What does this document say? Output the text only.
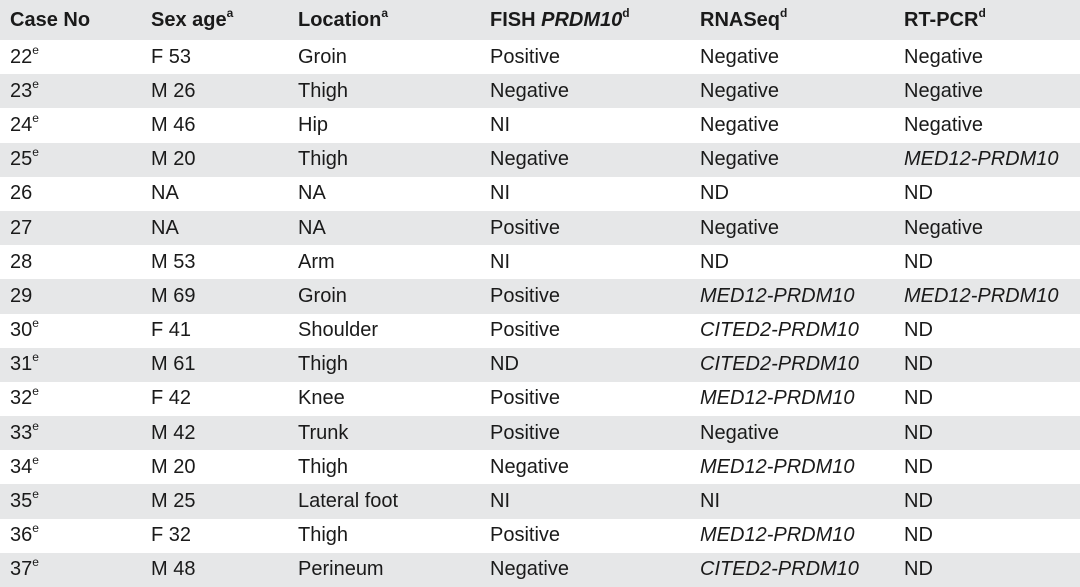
Case No	Sex age$^a$	Location$^a$	FISH PRDM10$^d$	RNASeq$^d$	RT-PCR$^d$
22e	F 53	Groin	Positive	Negative	Negative
23e	M 26	Thigh	Negative	Negative	Negative
24e	M 46	Hip	NI	Negative	Negative
25e	M 20	Thigh	Negative	Negative	MED12-PRDM10
26	NA	NA	NI	ND	ND
27	NA	NA	Positive	Negative	Negative
28	M 53	Arm	NI	ND	ND
29	M 69	Groin	Positive	MED12-PRDM10	MED12-PRDM10
30e	F 41	Shoulder	Positive	CITED2-PRDM10	ND
31e	M 61	Thigh	ND	CITED2-PRDM10	ND
32e	F 42	Knee	Positive	MED12-PRDM10	ND
33e	M 42	Trunk	Positive	Negative	ND
34e	M 20	Thigh	Negative	MED12-PRDM10	ND
35e	M 25	Lateral foot	NI	NI	ND
36e	F 32	Thigh	Positive	MED12-PRDM10	ND
37e	M 48	Perineum	Negative	CITED2-PRDM10	ND
